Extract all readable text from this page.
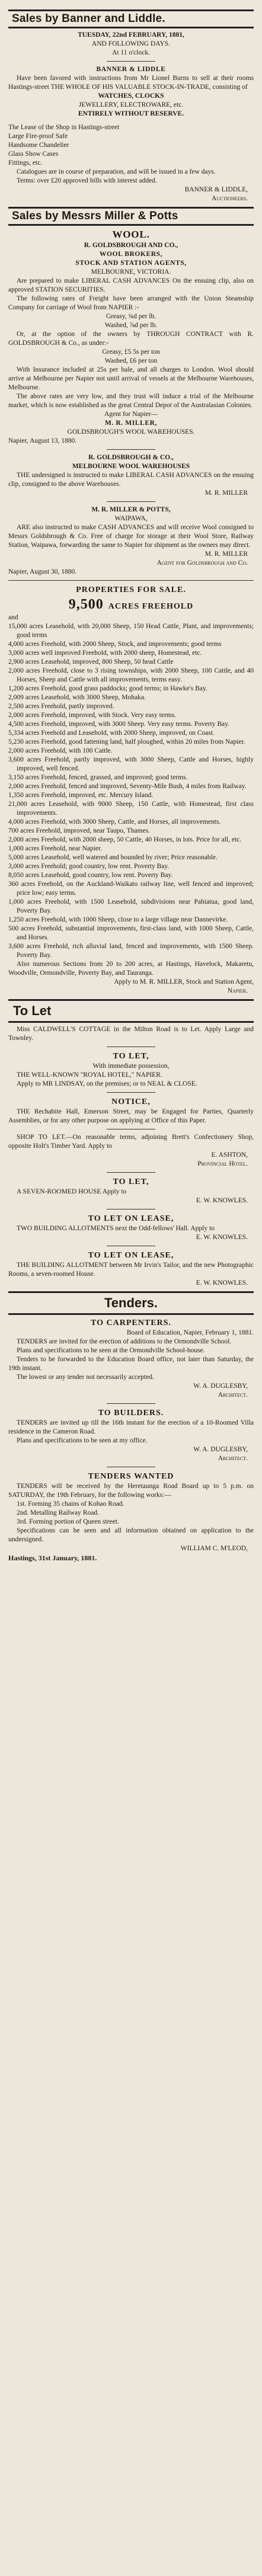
Sales by Banner and Liddle.
TUESDAY, 22nd FEBRUARY, 1881,
AND FOLLOWING DAYS.
At 11 o'clock.
BANNER & LIDDLE
Have been favored with instructions from Mr Lionel Burns to sell at their rooms Hastings-street THE WHOLE OF HIS VALUABLE STOCK-IN-TRADE, consisting of
WATCHES, CLOCKS
JEWELLERY, ELECTROWARE, etc.
ENTIRELY WITHOUT RESERVE.
The Lease of the Shop in Hastings-street
Large Fire-proof Safe
Handsome Chandelier
Glass Show Cases
Fittings, etc.
Catalogues are in course of preparation, and will be issued in a few days.
Terms: over £20 approved bills with interest added.
BANNER & LIDDLE,
Auctioneers.
Sales by Messrs Miller & Potts
WOOL.
R. GOLDSBROUGH AND CO.,
WOOL BROKERS,
STOCK AND STATION AGENTS,
MELBOURNE, VICTORIA.
Are prepared to make LIBERAL CASH ADVANCES On the ensuing clip, also on approved STATION SECURITIES.
The following rates of Freight have been arranged with the Union Steamship Company for carriage of Wool from NAPIER :-
Greasy, ¾d per lb.
Washed, ⅞d per lb.
Or, at the option of the owners by THROUGH CONTRACT with R. GOLDSBROUGH & Co., as under:-
Greasy, £5 5s per ton
Washed, £6 per ton
With Insurance included at 25s per bale, and all charges to London. Wool should arrive at Melbourne per Napier not until arrival of vessels at the Melbourne Warehouses, Melbourne.
The above rates are very low, and they trust will induce a trial of the Melbourne market, which is now established as the great Central Depot of the Australasian Colonies.
Agent for Napier—
M. R. MILLER,
GOLDSBROUGH'S WOOL WAREHOUSES.
Napier, August 13, 1880.
R. GOLDSBROUGH & CO.,
MELBOURNE WOOL WAREHOUSES
THE undersigned is instructed to make LIBERAL CASH ADVANCES on the ensuing clip, consigned to the above Warehouses.
M. R. MILLER
M. R. MILLER & POTTS,
WAIPAWA,
ARE also instructed to make CASH ADVANCES and will receive Wool consigned to Messrs Goldsbrough & Co. Free of charge for storage at their Wool Store, Railway Station, Waipawa, forwarding the same to Napier for shipment as the owners may direct.
M. R. MILLER
Agent for Goldsbrough and Co.
Napier, August 30, 1880.
PROPERTIES FOR SALE.
9,500 ACRES FREEHOLD
and
15,000 acres Leasehold, with 20,000 Sheep, 150 Head Cattle, Plant, and improvements; good terms
4,000 acres Freehold, with 2000 Sheep, Stock, and improvements; good terms
3,000 acres well improved Freehold, with 2000 sheep, Homestead, etc.
2,900 acres Leasehold, improved, 800 Sheep, 50 head Cattle
2,000 acres Freehold, close to 3 rising townships, with 2000 Sheep, 100 Cattle, and 40 Horses, Sheep and Cattle with all improvements, terms easy.
1,200 acres Freehold, good grass paddocks; good terms; in Hawke's Bay.
2,009 acres Leasehold, with 3000 Sheep, Mohaka.
2,500 acres Freehold, partly improved.
2,000 acres Freehold, improved, with Stock. Very easy terms.
4,500 acres Freehold, improved, with 3000 Sheep. Very easy terms. Poverty Bay.
5,334 acres Freehold and Leasehold, with 2000 Sheep, improved, on Coast.
5,230 acres Freehold, good fattening land, half ploughed, within 20 miles from Napier.
2,000 acres Freehold, with 100 Cattle.
3,600 acres Freehold, partly improved, with 3000 Sheep, Cattle and Horses, highly improved, well fenced.
3,150 acres Freehold, fenced, grassed, and improved; good terms.
2,000 acres Freehold, fenced and improved, Seventy-Mile Bush, 4 miles from Railway.
1,350 acres Freehold, improved, etc. Mercury Island.
21,000 acres Leasehold, with 9000 Sheep, 150 Cattle, with Homestead, first class improvements.
4,000 acres Freehold, with 3000 Sheep, Cattle, and Horses, all improvements.
700 acres Freehold, improved, near Taupo, Thames.
2,000 acres Freehold, with 2000 sheep, 50 Cattle, 40 Horses, in lots. Price for all, etc.
1,000 acres Freehold, near Napier.
5,000 acres Leasehold, well watered and bounded by river; Price reasonable.
3,000 acres Freehold; good country, low rent. Poverty Bay.
8,050 acres Leasehold, good country, low rent. Poverty Bay.
360 acres Freehold, on the Auckland-Waikato railway line, well fenced and improved; price low; easy terms.
1,000 acres Freehold, with 1500 Leasehold, subdivisions near Pahiatua, good land, Poverty Bay.
1,250 acres Freehold, with 1000 Sheep, close to a large village near Dannevirke.
500 acres Freehold, substantial improvements, first-class land, with 1000 Sheep, Cattle, and Horses.
3,600 acres Freehold, rich alluvial land, fenced and improvements, with 1500 Sheep. Poverty Bay.
Also numerous Sections from 20 to 200 acres, at Hastings, Havelock, Makaretu, Woodville, Ormondville, Poverty Bay, and Tauranga.
Apply to M. R. MILLER, Stock and Station Agent,
Napier.
To Let
Miss CALDWELL'S COTTAGE in the Milton Road is to Let. Apply Large and Townley.
TO LET,
With immediate possession,
THE WELL-KNOWN "ROYAL HOTEL," NAPIER.
Apply to MR LINDSAY, on the premises; or to NEAL & CLOSE.
NOTICE,
THE Rechabite Hall, Emerson Street, may be Engaged for Parties, Quarterly Assemblies, or for any other purpose on applying at Office of this Paper.
SHOP TO LET.—On reasonable terms, adjoining Brett's Confectionery Shop, opposite Holt's Timber Yard. Apply to
E. ASHTON,
Provincial Hotel.
TO LET,
A SEVEN-ROOMED HOUSE Apply to
E. W. KNOWLES.
TO LET ON LEASE,
TWO BUILDING ALLOTMENTS next the Odd-fellows' Hall. Apply to
E. W. KNOWLES.
TO LET ON LEASE,
THE BUILDING ALLOTMENT between Mr Irvin's Tailor, and the new Photographic Rooms, a seven-roomed House.
E. W. KNOWLES.
Tenders.
TO CARPENTERS.
Board of Education, Napier, February 1, 1881.
TENDERS are invited for the erection of additions to the Ormondville School.
Plans and specifications to be seen at the Ormondville School-house.
Tenders to be forwarded to the Education Board office, not later than Saturday, the 19th instant.
The lowest or any tender not necessarily accepted.
W. A. DUGLESBY,
Architect.
TO BUILDERS.
TENDERS are invited up till the 16th instant for the erection of a 10-Roomed Villa residence in the Cameron Road.
Plans and specifications to be seen at my office.
W. A. DUGLESBY,
Architect.
TENDERS WANTED
TENDERS will be received by the Heretaunga Road Board up to 5 p.m. on SATURDAY, the 19th February, for the following works:—
1st. Forming 35 chains of Kohao Road.
2nd. Metalling Railway Road.
3rd. Forming portion of Queen street.
Specifications can be seen and all information obtained on application to the undersigned.
WILLIAM C. M'LEOD,
Hastings, 31st January, 1881.
